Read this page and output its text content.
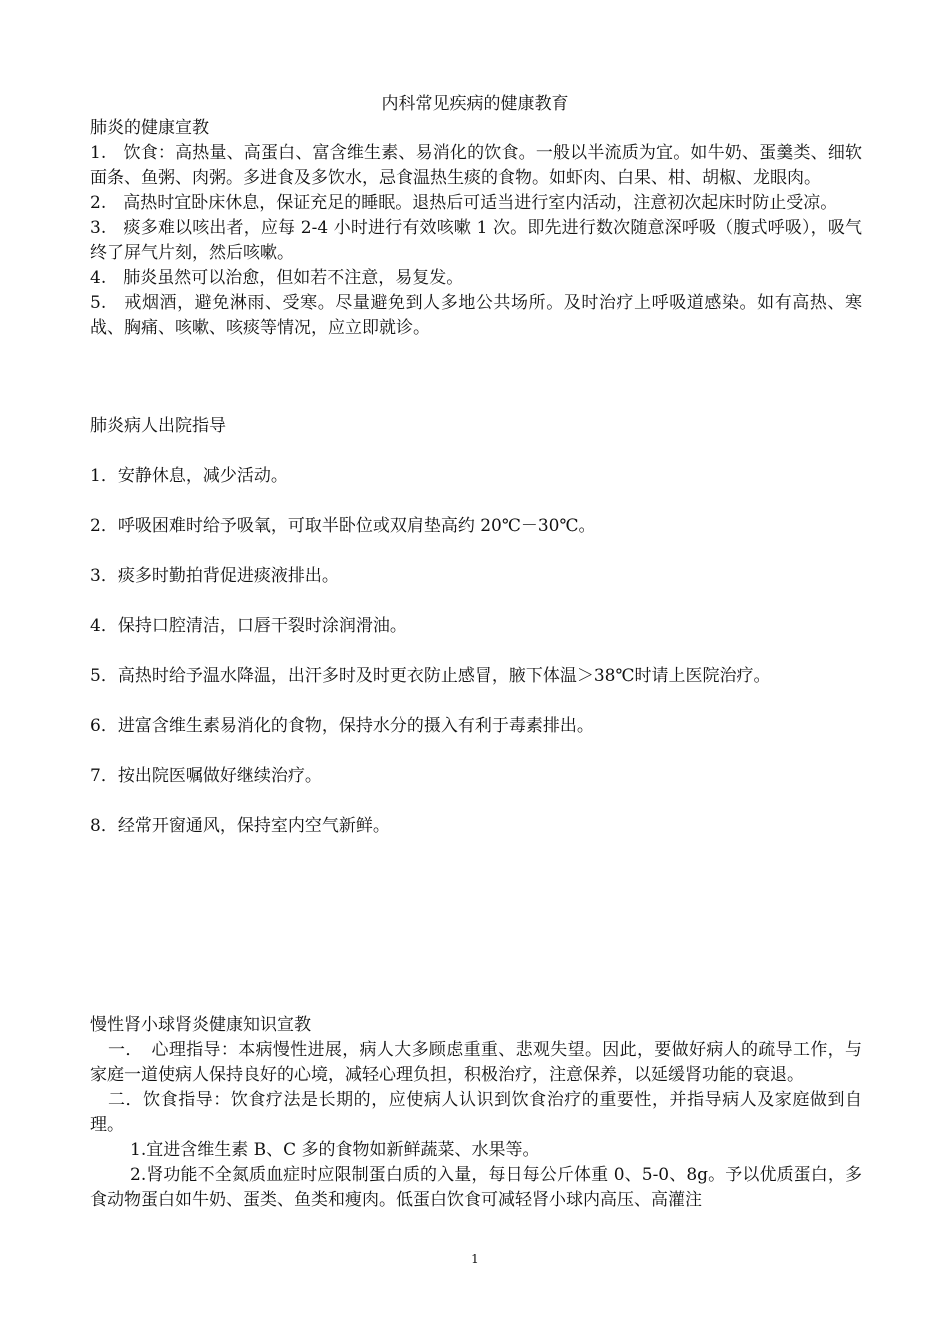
内科常见疾病的健康教育

肺炎的健康宣教

1.　饮食：高热量、高蛋白、富含维生素、易消化的饮食。一般以半流质为宜。如牛奶、蛋羹类、细软面条、鱼粥、肉粥。多进食及多饮水，忌食温热生痰的食物。如虾肉、白果、柑、胡椒、龙眼肉。

2.　高热时宜卧床休息，保证充足的睡眠。退热后可适当进行室内活动，注意初次起床时防止受凉。

3.　痰多难以咳出者，应每 2-4 小时进行有效咳嗽 1 次。即先进行数次随意深呼吸（腹式呼吸），吸气终了屏气片刻，然后咳嗽。

4.　肺炎虽然可以治愈，但如若不注意，易复发。

5.　戒烟酒，避免淋雨、受寒。尽量避免到人多地公共场所。及时治疗上呼吸道感染。如有高热、寒战、胸痛、咳嗽、咳痰等情况，应立即就诊。

肺炎病人出院指导

1．安静休息，减少活动。

2．呼吸困难时给予吸氧，可取半卧位或双肩垫高约 20℃－30℃。

3．痰多时勤拍背促进痰液排出。

4．保持口腔清洁，口唇干裂时涂润滑油。

5．高热时给予温水降温，出汗多时及时更衣防止感冒，腋下体温＞38℃时请上医院治疗。

6．进富含维生素易消化的食物，保持水分的摄入有利于毒素排出。

7．按出院医嘱做好继续治疗。

8．经常开窗通风，保持室内空气新鲜。

慢性肾小球肾炎健康知识宣教

一．　心理指导：本病慢性进展，病人大多顾虑重重、悲观失望。因此，要做好病人的疏导工作，与家庭一道使病人保持良好的心境，减轻心理负担，积极治疗，注意保养，以延缓肾功能的衰退。

二．饮食指导：饮食疗法是长期的，应使病人认识到饮食治疗的重要性，并指导病人及家庭做到自理。

1.宜进含维生素 B、C 多的食物如新鲜蔬菜、水果等。

2.肾功能不全氮质血症时应限制蛋白质的入量，每日每公斤体重 0、5-0、8g。予以优质蛋白，多食动物蛋白如牛奶、蛋类、鱼类和瘦肉。低蛋白饮食可减轻肾小球内高压、高灌注

1
